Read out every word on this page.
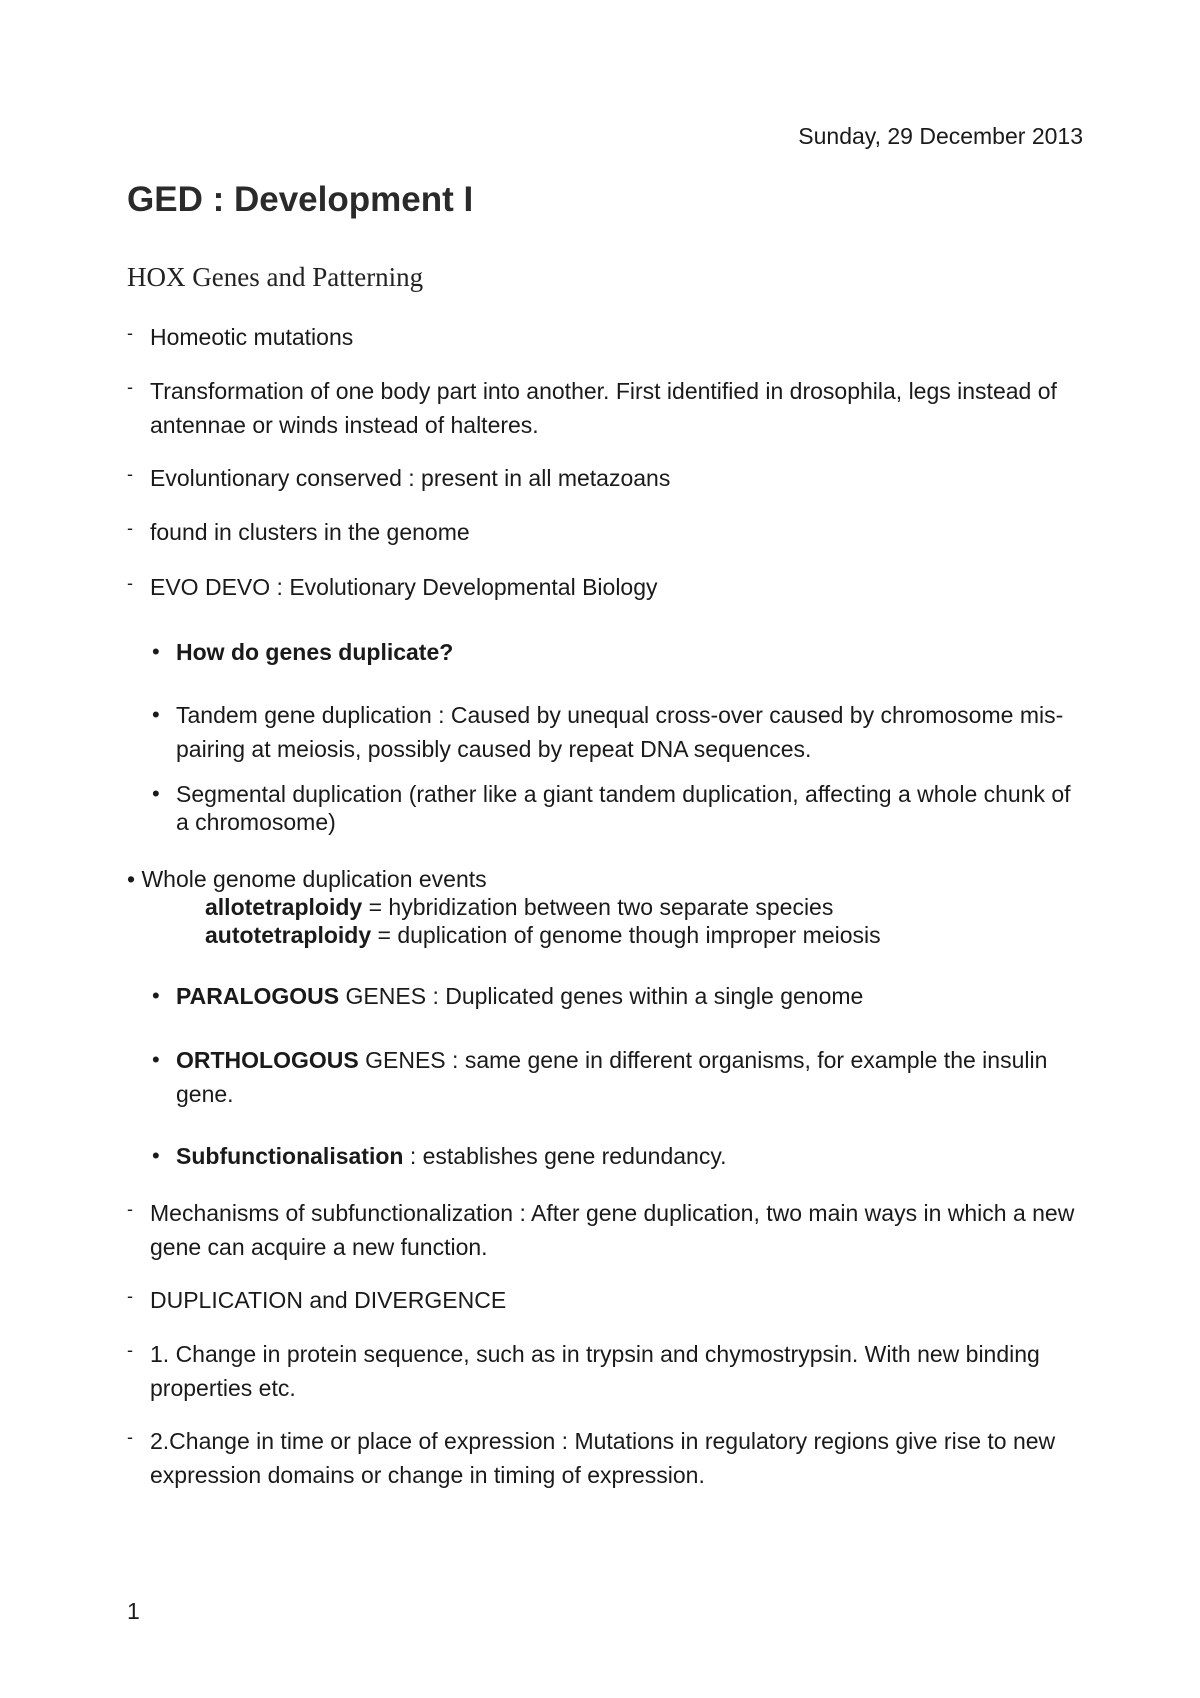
Sunday, 29 December 2013
GED : Development I
HOX Genes and Patterning
- Homeotic mutations
- Transformation of one body part into another. First identified in drosophila, legs instead of antennae or winds instead of halteres.
- Evoluntionary conserved : present in all metazoans
- found in clusters in the genome
- EVO DEVO : Evolutionary Developmental Biology
• How do genes duplicate?
• Tandem gene duplication : Caused by unequal cross-over caused by chromosome mis-pairing at meiosis, possibly caused by repeat DNA sequences.
• Segmental duplication (rather like a giant tandem duplication, affecting a whole chunk of a chromosome)
• Whole genome duplication events
allotetraploidy = hybridization between two separate species
autotetraploidy = duplication of genome though improper meiosis
• PARALOGOUS GENES : Duplicated genes within a single genome
• ORTHOLOGOUS GENES : same gene in different organisms, for example the insulin gene.
• Subfunctionalisation : establishes gene redundancy.
- Mechanisms of subfunctionalization : After gene duplication, two main ways in which a new gene can acquire a new function.
- DUPLICATION and DIVERGENCE
- 1. Change in protein sequence, such as in trypsin and chymostrypsin. With new binding properties etc.
- 2.Change in time or place of expression : Mutations in regulatory regions give rise to new expression domains or change in timing of expression.
1
